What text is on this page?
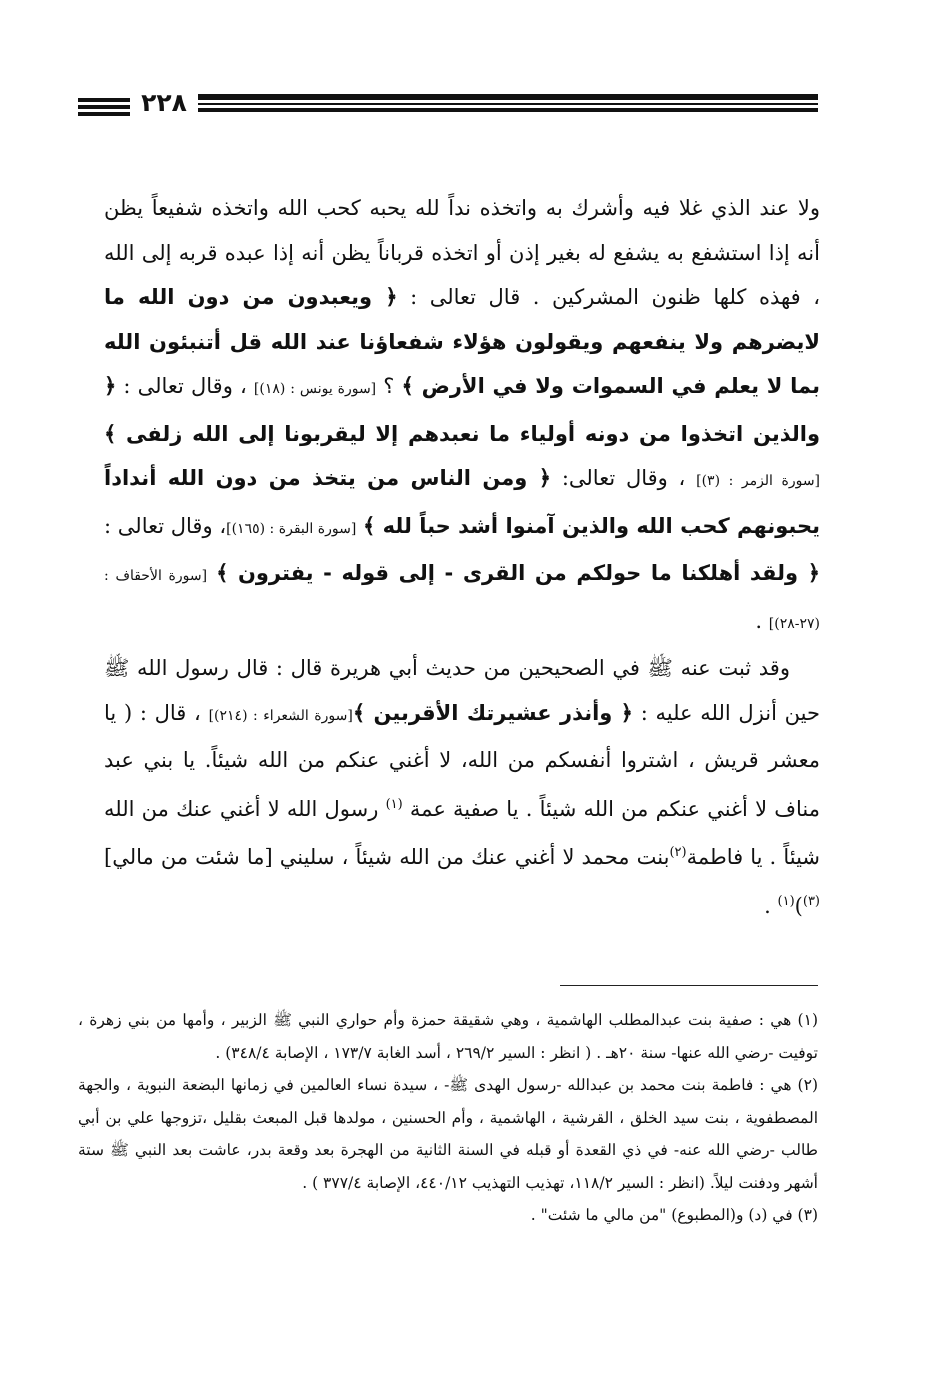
٢٢٨

ولا عند الذي غلا فيه وأشرك به واتخذه نداً لله يحبه كحب الله واتخذه شفيعاً يظن أنه إذا استشفع به يشفع له بغير إذن أو اتخذه قرباناً يظن أنه إذا عبده قربه إلى الله ، فهذه كلها ظنون المشركين . قال تعالى : ﴿ ويعبدون من دون الله ما لايضرهم ولا ينفعهم ويقولون هؤلاء شفعاؤنا عند الله قل أتنبئون الله بما لا يعلم في السموات ولا في الأرض ﴾ ؟ [سورة يونس : (١٨)] ، وقال تعالى : ﴿ والذين اتخذوا من دونه أولياء ما نعبدهم إلا ليقربونا إلى الله زلفى ﴾ [سورة الزمر : (٣)] ، وقال تعالى: ﴿ ومن الناس من يتخذ من دون الله أنداداً يحبونهم كحب الله والذين آمنوا أشد حباً لله ﴾ [سورة البقرة : (١٦٥)]، وقال تعالى : ﴿ ولقد أهلكنا ما حولكم من القرى - إلى قوله - يفترون ﴾ [سورة الأحقاف : (٢٧-٢٨)] .

وقد ثبت عنه ﷺ في الصحيحين من حديث أبي هريرة قال : قال رسول الله ﷺ حين أنزل الله عليه : ﴿ وأنذر عشيرتك الأقربين ﴾[سورة الشعراء : (٢١٤)] ، قال : ( يا معشر قريش ، اشتروا أنفسكم من الله، لا أغني عنكم من الله شيئاً. يا بني عبد مناف لا أغني عنكم من الله شيئاً . يا صفية عمة $^{(١)}$ رسول الله لا أغني عنك من الله شيئاً . يا فاطمة$^{(٢)}$بنت محمد لا أغني عنك من الله شيئاً ، سليني [ما شئت من مالي] $^{(٣)}$)$^{(١)}$ .

(١) هي : صفية بنت عبدالمطلب الهاشمية ، وهي شقيقة حمزة وأم حواري النبي ﷺ الزبير ، وأمها من بني زهرة ، توفيت -رضي الله عنها- سنة ٢٠هـ . ( انظر : السير ٢٦٩/٢ ، أسد الغابة ١٧٣/٧ ، الإصابة ٣٤٨/٤) .

(٢) هي : فاطمة بنت محمد بن عبدالله -رسول الهدى ﷺ- ، سيدة نساء العالمين في زمانها البضعة النبوية ، والجهة المصطفوية ، بنت سيد الخلق ، القرشية ، الهاشمية ، وأم الحسنين ، مولدها قبل المبعث بقليل ،تزوجها علي بن أبي طالب -رضي الله عنه- في ذي القعدة أو قبله في السنة الثانية من الهجرة بعد وقعة بدر، عاشت بعد النبي ﷺ ستة أشهر ودفنت ليلاً. (انظر : السير ١١٨/٢، تهذيب التهذيب ٤٤٠/١٢، الإصابة ٣٧٧/٤ ) .

(٣) في (د) و(المطبوع) "من مالي ما شئت" .
